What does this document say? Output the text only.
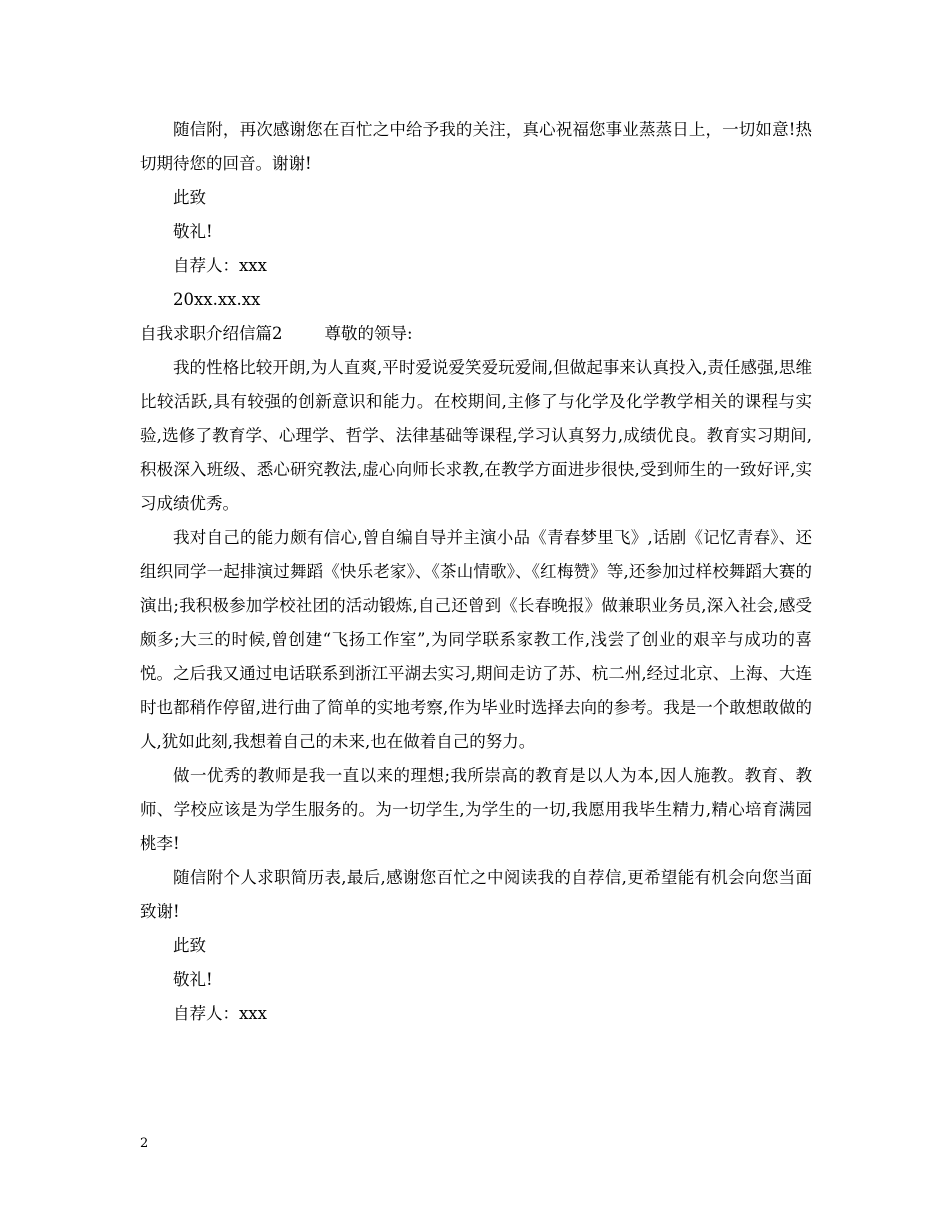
随信附，再次感谢您在百忙之中给予我的关注，真心祝福您事业蒸蒸日上，一切如意!热切期待您的回音。谢谢!

此致

敬礼!

自荐人：xxx

20xx.xx.xx

自我求职介绍信篇2        尊敬的领导:

我的性格比较开朗,为人直爽,平时爱说爱笑爱玩爱闹,但做起事来认真投入,责任感强,思维比较活跃,具有较强的创新意识和能力。在校期间,主修了与化学及化学教学相关的课程与实验,选修了教育学、心理学、哲学、法律基础等课程,学习认真努力,成绩优良。教育实习期间,积极深入班级、悉心研究教法,虚心向师长求教,在教学方面进步很快,受到师生的一致好评,实习成绩优秀。

我对自己的能力颇有信心,曾自编自导并主演小品《青春梦里飞》,话剧《记忆青春》、还组织同学一起排演过舞蹈《快乐老家》、《茶山情歌》、《红梅赞》等,还参加过样校舞蹈大赛的演出;我积极参加学校社团的活动锻炼,自己还曾到《长春晚报》做兼职业务员,深入社会,感受颇多;大三的时候,曾创建“飞扬工作室”,为同学联系家教工作,浅尝了创业的艰辛与成功的喜悦。之后我又通过电话联系到浙江平湖去实习,期间走访了苏、杭二州,经过北京、上海、大连时也都稍作停留,进行曲了简单的实地考察,作为毕业时选择去向的参考。我是一个敢想敢做的人,犹如此刻,我想着自己的未来,也在做着自己的努力。

做一优秀的教师是我一直以来的理想;我所崇高的教育是以人为本,因人施教。教育、教师、学校应该是为学生服务的。为一切学生,为学生的一切,我愿用我毕生精力,精心培育满园桃李!

随信附个人求职简历表,最后,感谢您百忙之中阅读我的自荐信,更希望能有机会向您当面致谢!

此致

敬礼!

自荐人：xxx

2
